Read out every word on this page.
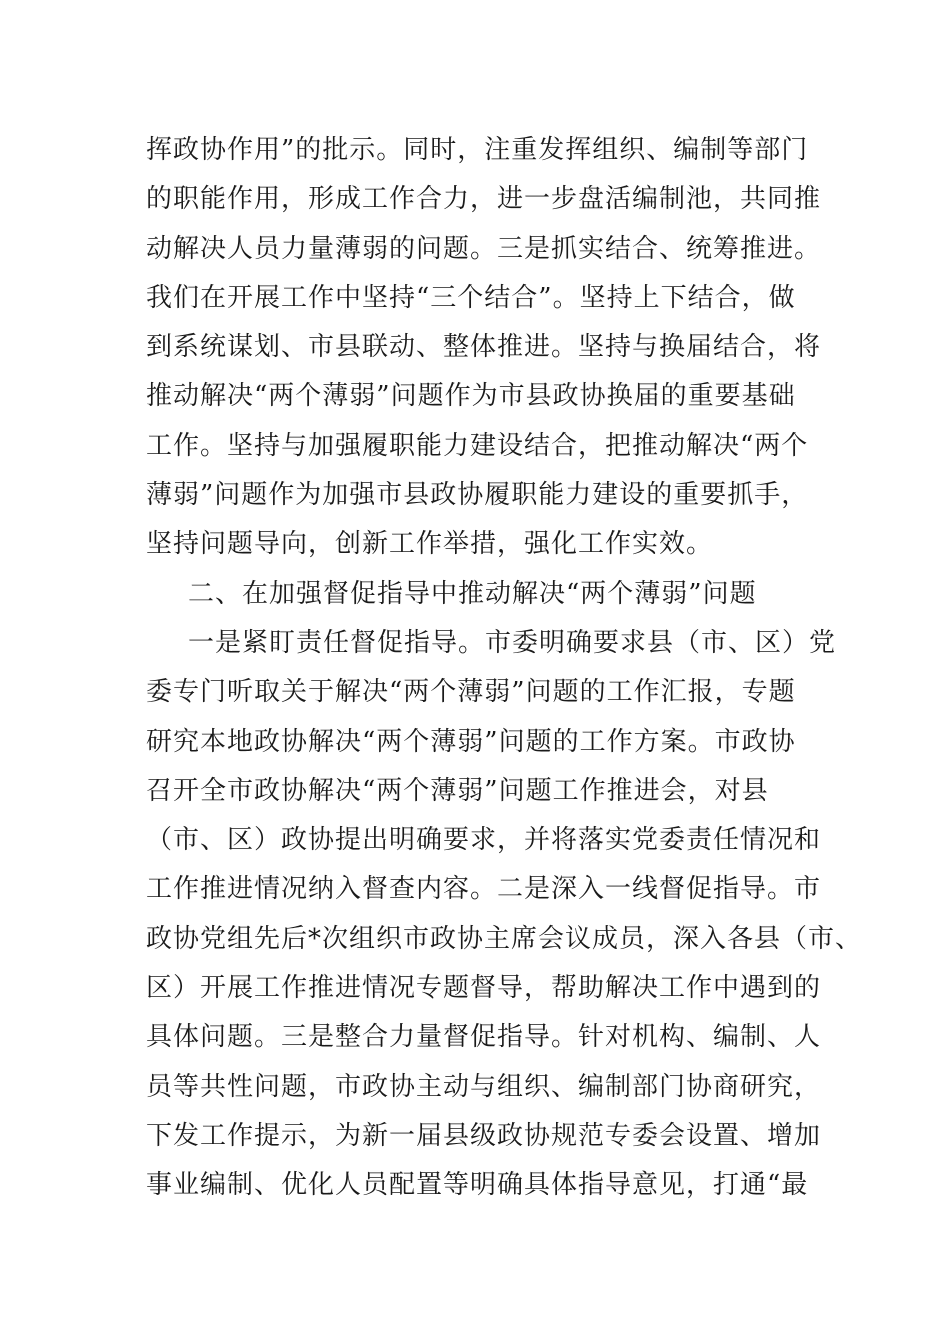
挥政协作用”的批示。同时，注重发挥组织、编制等部门
的职能作用，形成工作合力，进一步盘活编制池，共同推
动解决人员力量薄弱的问题。三是抓实结合、统筹推进。
我们在开展工作中坚持“三个结合”。坚持上下结合，做
到系统谋划、市县联动、整体推进。坚持与换届结合，将
推动解决“两个薄弱”问题作为市县政协换届的重要基础
工作。坚持与加强履职能力建设结合，把推动解决“两个
薄弱”问题作为加强市县政协履职能力建设的重要抓手，
坚持问题导向，创新工作举措，强化工作实效。
二、在加强督促指导中推动解决“两个薄弱”问题
一是紧盯责任督促指导。市委明确要求县（市、区）党
委专门听取关于解决“两个薄弱”问题的工作汇报，专题
研究本地政协解决“两个薄弱”问题的工作方案。市政协
召开全市政协解决“两个薄弱”问题工作推进会，对县
（市、区）政协提出明确要求，并将落实党委责任情况和
工作推进情况纳入督查内容。二是深入一线督促指导。市
政协党组先后*次组织市政协主席会议成员，深入各县（市、
区）开展工作推进情况专题督导，帮助解决工作中遇到的
具体问题。三是整合力量督促指导。针对机构、编制、人
员等共性问题，市政协主动与组织、编制部门协商研究，
下发工作提示，为新一届县级政协规范专委会设置、增加
事业编制、优化人员配置等明确具体指导意见，打通“最
